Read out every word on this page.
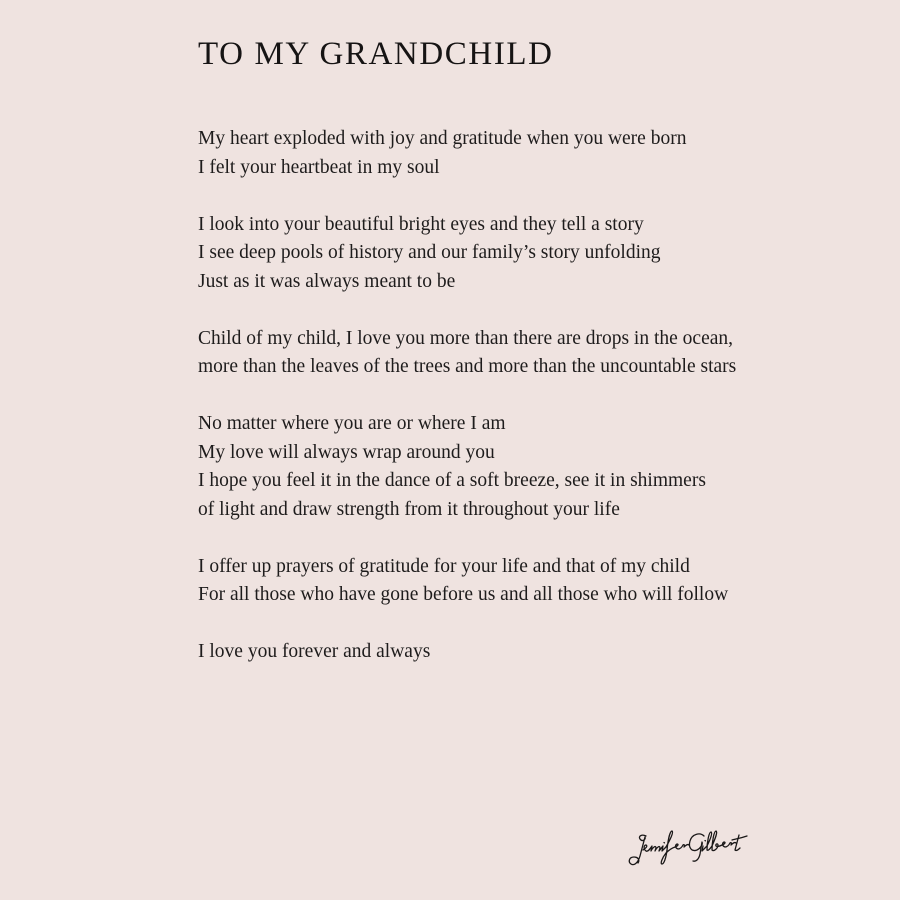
TO MY GRANDCHILD

My heart exploded with joy and gratitude when you were born
I felt your heartbeat in my soul

I look into your beautiful bright eyes and they tell a story
I see deep pools of history and our family’s story unfolding
Just as it was always meant to be

Child of my child, I love you more than there are drops in the ocean,
more than the leaves of the trees and more than the uncountable stars

No matter where you are or where I am
My love will always wrap around you
I hope you feel it in the dance of a soft breeze, see it in shimmers
of light and draw strength from it throughout your life

I offer up prayers of gratitude for your life and that of my child
For all those who have gone before us and all those who will follow

I love you forever and always
